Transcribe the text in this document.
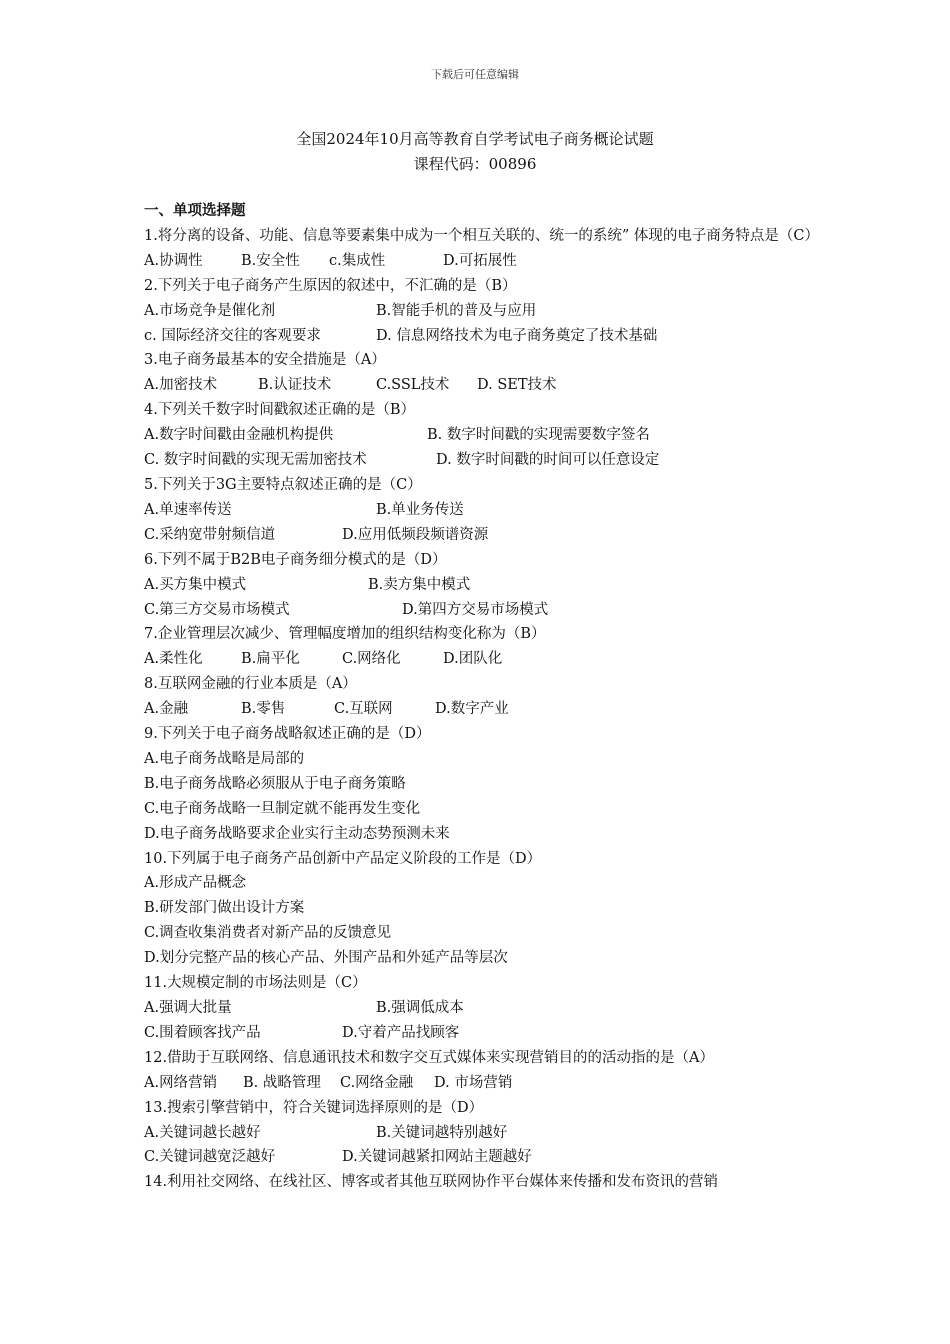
下载后可任意编辑
全国2024年10月高等教育自学考试电子商务概论试题
课程代码：00896
一、单项选择题
1.将分离的设备、功能、信息等要素集中成为一个相互关联的、统一的系统” 体现的电子商务特点是（C）
A.协调性	B.安全性 c.集成性	D.可拓展性
2.下列关于电子商务产生原因的叙述中，不汇确的是（B）
A.市场竞争是催化剂	B.智能手机的普及与应用
c. 国际经济交往的客观要求	D. 信息网络技术为电子商务奠定了技术基础
3.电子商务最基本的安全措施是（A）
A.加密技术	B.认证技术	C.SSL技术 D. SET技术
4.下列关千数字时间戳叙述正确的是（B）
A.数字时间戳由金融机构提供	B. 数字时间戳的实现需要数字签名
C. 数字时间戳的实现无需加密技术	D. 数字时间戳的时间可以任意设定
5.下列关于3G主要特点叙述正确的是（C）
A.单速率传送	B.单业务传送
C.采纳宽带射频信道	D.应用低频段频谱资源
6.下列不属于B2B电子商务细分模式的是（D）
A.买方集中模式	B.卖方集中模式
C.第三方交易市场模式	D.第四方交易市场模式
7.企业管理层次减少、管理幅度增加的组织结构变化称为（B）
A.柔性化	B.扁平化	C.网络化	D.团队化
8.互联网金融的行业本质是（A）
A.金融	B.零售	C.互联网	D.数字产业
9.下列关于电子商务战略叙述正确的是（D）
A.电子商务战略是局部的
B.电子商务战略必须服从于电子商务策略
C.电子商务战略一旦制定就不能再发生变化
D.电子商务战略要求企业实行主动态势预测未来
10.下列属于电子商务产品创新中产品定义阶段的工作是（D）
A.形成产品概念
B.研发部门做出设计方案
C.调查收集消费者对新产品的反馈意见
D.划分完整产品的核心产品、外围产品和外延产品等层次
11.大规模定制的市场法则是（C）
A.强调大批量	B.强调低成本
C.围着顾客找产品	D.守着产品找顾客
12.借助于互联网络、信息通讯技术和数字交互式媒体来实现营销目的的活动指的是（A）
A.网络营销 B. 战略管理 C.网络金融 D. 市场营销
13.搜索引擎营销中，符合关键词选择原则的是（D）
A.关键词越长越好	B.关键词越特别越好
C.关键词越宽泛越好	D.关键词越紧扣网站主题越好
14.利用社交网络、在线社区、博客或者其他互联网协作平台媒体来传播和发布资讯的营销
